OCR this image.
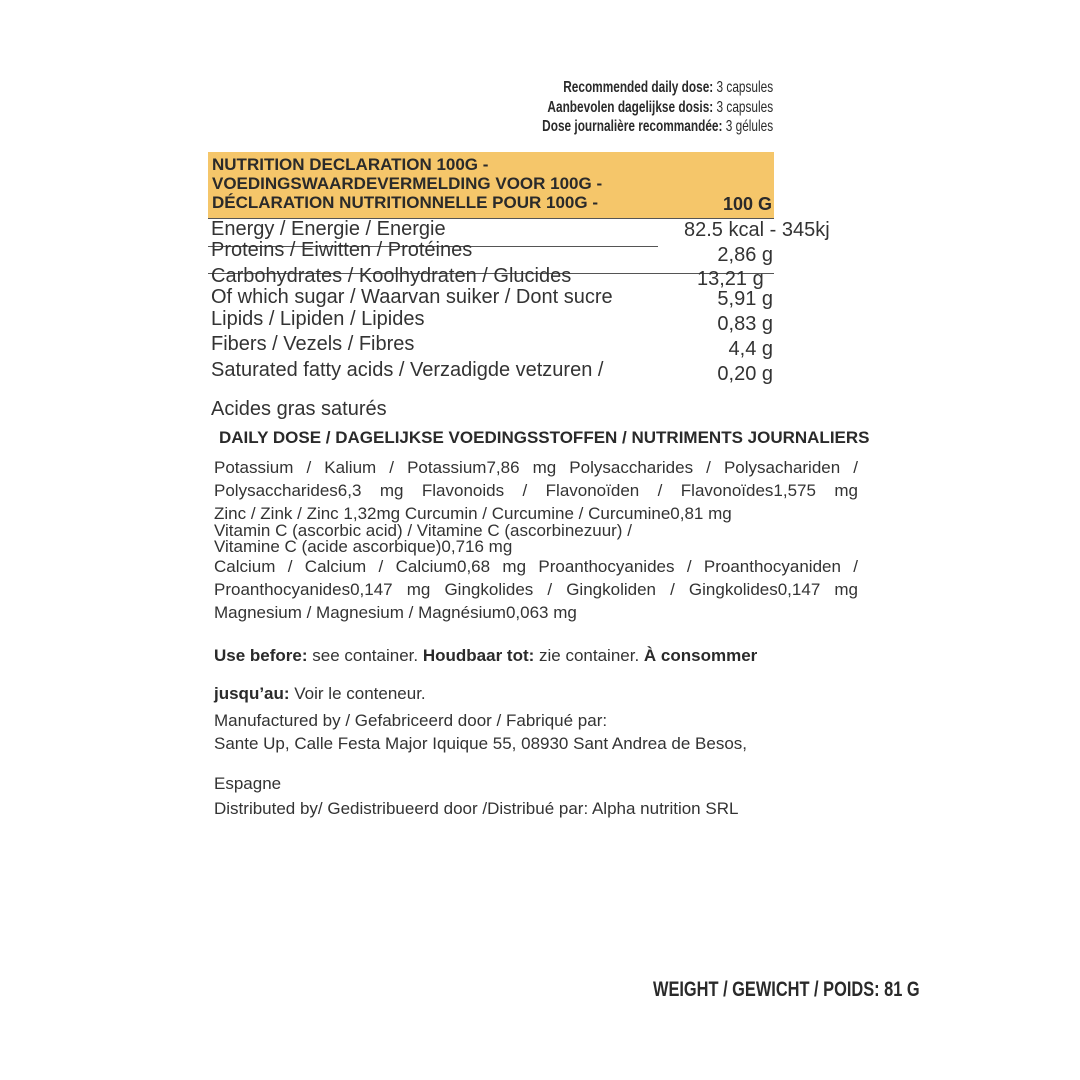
Recommended daily dose: 3 capsules
Aanbevolen dagelijkse dosis: 3 capsules
Dose journalière recommandée: 3 gélules
NUTRITION DECLARATION 100G -
VOEDINGSWAARDEVERMELDING VOOR 100G -
DÉCLARATION NUTRITIONNELLE POUR 100G -	100 G
Energy / Energie / Energie	82.5 kcal - 345kj
Proteins / Eiwitten / Protéines	2,86 g
Carbohydrates / Koolhydraten / Glucides	13,21 g
Of which sugar / Waarvan suiker / Dont sucre	5,91 g
Lipids / Lipiden / Lipides	0,83 g
Fibers / Vezels / Fibres	4,4 g
Saturated fatty acids / Verzadigde vetzuren /	0,20 g
Acides gras saturés
DAILY DOSE / DAGELIJKSE VOEDINGSSTOFFEN / NUTRIMENTS JOURNALIERS
Potassium / Kalium / Potassium7,86 mg Polysaccharides / Polysachariden /
Polysaccharides6,3 mg Flavonoids / Flavonoïden / Flavonoïdes1,575 mg
Zinc / Zink / Zinc 1,32mg Curcumin / Curcumine / Curcumine0,81 mg
Vitamin C (ascorbic acid) / Vitamine C (ascorbinezuur) /
Vitamine C (acide ascorbique)0,716 mg
Calcium / Calcium / Calcium0,68 mg Proanthocyanides / Proanthocyaniden /
Proanthocyanides0,147 mg Gingkolides / Gingkoliden / Gingkolides0,147 mg
Magnesium / Magnesium / Magnésium0,063 mg
Use before: see container. Houdbaar tot: zie container. À consommer jusqu’au: Voir le conteneur.
Manufactured by / Gefabriceerd door / Fabriqué par:
Sante Up, Calle Festa Major Iquique 55, 08930 Sant Andrea de Besos,
Espagne
Distributed by/ Gedistribueerd door /Distribué par: Alpha nutrition SRL
WEIGHT / GEWICHT / POIDS: 81 G
